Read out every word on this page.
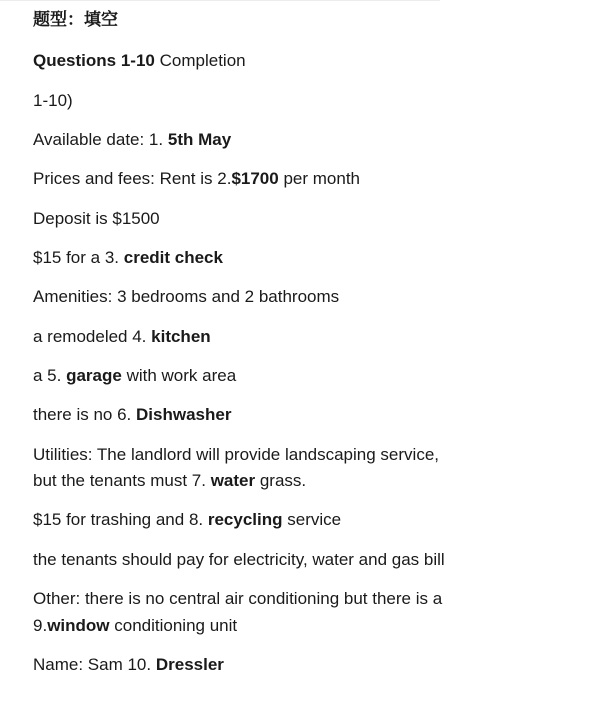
题型：填空

Questions 1-10 Completion

1-10)

Available date: 1. 5th May

Prices and fees: Rent is 2.$1700 per month

Deposit is $1500

$15 for a 3. credit check

Amenities: 3 bedrooms and 2 bathrooms

a remodeled 4. kitchen

a 5. garage with work area

there is no 6. Dishwasher

Utilities: The landlord will provide landscaping service, but the tenants must 7. water grass.

$15 for trashing and 8. recycling service

the tenants should pay for electricity, water and gas bill

Other: there is no central air conditioning but there is a 9.window conditioning unit

Name: Sam 10. Dressler
